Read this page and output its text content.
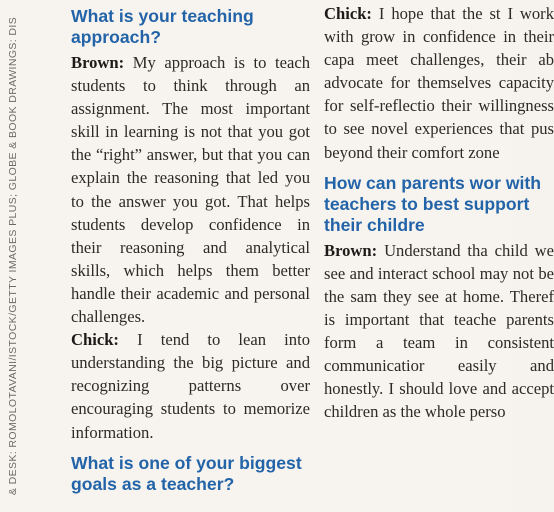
& DESK: ROMOLOTAVANI/ISTOCK/GETTY IMAGES PLUS; GLOBE & BOOK DRAWINGS: DIS
What is your teaching approach?

Brown: My approach is to teach students to think through an assignment. The most important skill in learning is not that you got the “right” answer, but that you can explain the reasoning that led you to the answer you got. That helps students develop confidence in their reasoning and analytical skills, which helps them better handle their academic and personal challenges.

Chick: I tend to lean into understanding the big picture and recognizing patterns over encouraging students to memorize information.

What is one of your biggest goals as a teacher?

Chick: I hope that the st I work with grow in confidence in their capa meet challenges, their ab advocate for themselves capacity for self-reflectio their willingness to see novel experiences that pus beyond their comfort zone

How can parents wor with teachers to best support their childre

Brown: Understand tha child we see and interact school may not be the sam they see at home. Theref is important that teache parents form a team in consistent communicatior easily and honestly. I should love and accept children as the whole perso
